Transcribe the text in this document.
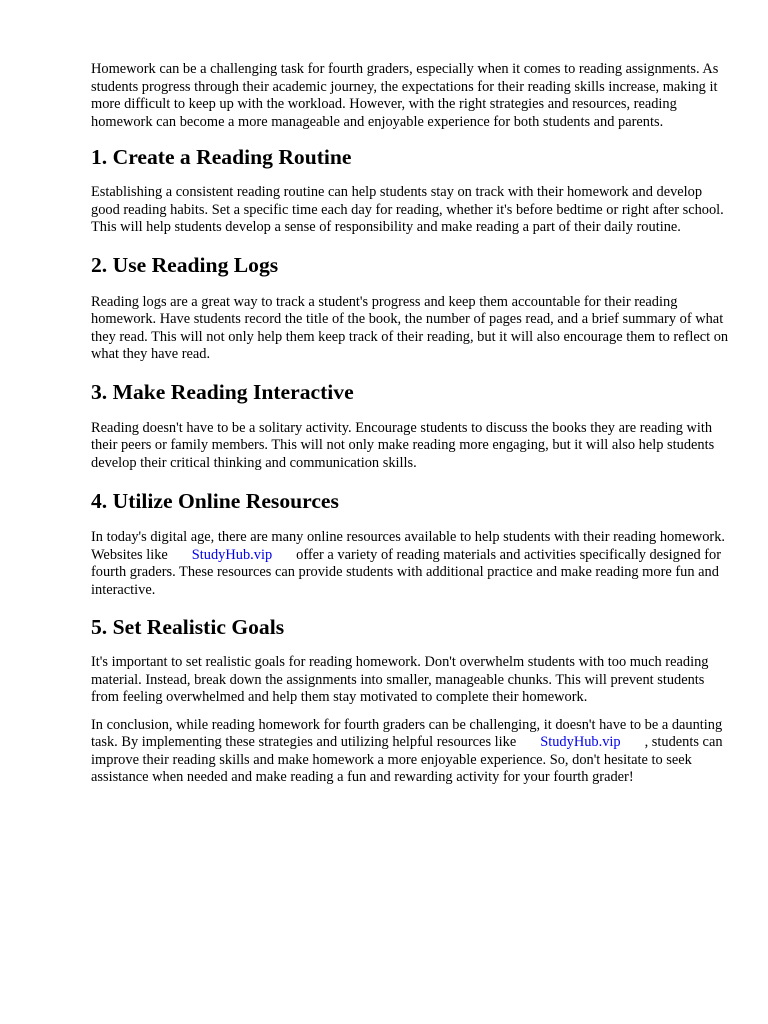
Homework can be a challenging task for fourth graders, especially when it comes to reading assignments. As students progress through their academic journey, the expectations for their reading skills increase, making it more difficult to keep up with the workload. However, with the right strategies and resources, reading homework can become a more manageable and enjoyable experience for both students and parents.

1. Create a Reading Routine

Establishing a consistent reading routine can help students stay on track with their homework and develop good reading habits. Set a specific time each day for reading, whether it's before bedtime or right after school. This will help students develop a sense of responsibility and make reading a part of their daily routine.

2. Use Reading Logs

Reading logs are a great way to track a student's progress and keep them accountable for their reading homework. Have students record the title of the book, the number of pages read, and a brief summary of what they read. This will not only help them keep track of their reading, but it will also encourage them to reflect on what they have read.

3. Make Reading Interactive

Reading doesn't have to be a solitary activity. Encourage students to discuss the books they are reading with their peers or family members. This will not only make reading more engaging, but it will also help students develop their critical thinking and communication skills.

4. Utilize Online Resources

In today's digital age, there are many online resources available to help students with their reading homework. Websites like StudyHub.vip offer a variety of reading materials and activities specifically designed for fourth graders. These resources can provide students with additional practice and make reading more fun and interactive.

5. Set Realistic Goals

It's important to set realistic goals for reading homework. Don't overwhelm students with too much reading material. Instead, break down the assignments into smaller, manageable chunks. This will prevent students from feeling overwhelmed and help them stay motivated to complete their homework.

In conclusion, while reading homework for fourth graders can be challenging, it doesn't have to be a daunting task. By implementing these strategies and utilizing helpful resources like StudyHub.vip , students can improve their reading skills and make homework a more enjoyable experience. So, don't hesitate to seek assistance when needed and make reading a fun and rewarding activity for your fourth grader!
